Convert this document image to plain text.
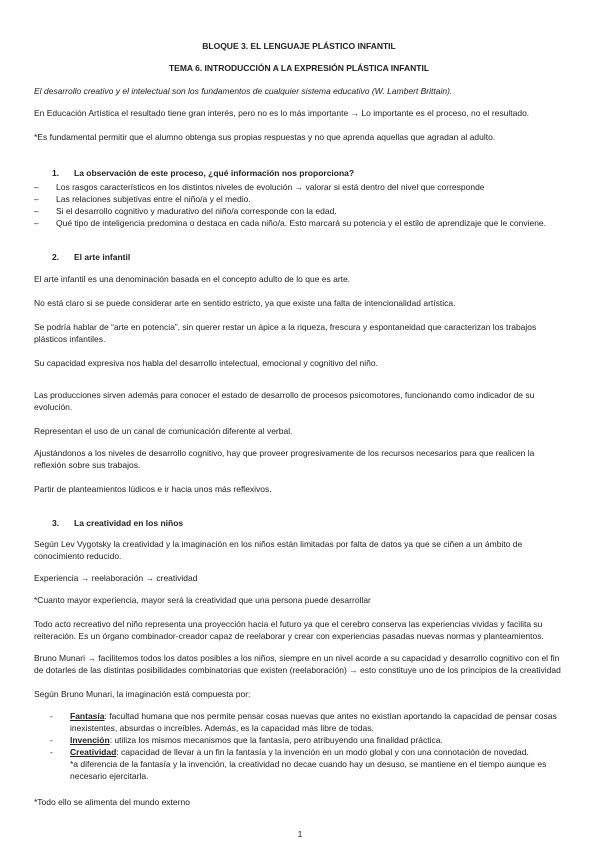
BLOQUE 3. EL LENGUAJE PLÁSTICO INFANTIL

TEMA 6. INTRODUCCIÓN A LA EXPRESIÓN PLÁSTICA INFANTIL

El desarrollo creativo y el intelectual son los fundamentos de cualquier sistema educativo (W. Lambert Brittain).

En Educación Artística el resultado tiene gran interés, pero no es lo más importante → Lo importante es el proceso, no el resultado.

*Es fundamental permitir que el alumno obtenga sus propias respuestas y no que aprenda aquellas que agradan al adulto.

1.	La observación de este proceso, ¿qué información nos proporciona?
–	Los rasgos característicos en los distintos niveles de evolución → valorar si está dentro del nivel que corresponde
–	Las relaciones subjetivas entre el niño/a y el medio.
–	Si el desarrollo cognitivo y madurativo del niño/a corresponde con la edad.
–	Qué tipo de inteligencia predomina o destaca en cada niño/a. Esto marcará su potencia y el estilo de aprendizaje que le conviene.
2.	El arte infantil

El arte infantil es una denominación basada en el concepto adulto de lo que es arte.

No está claro si se puede considerar arte en sentido estricto, ya que existe una falta de intencionalidad artística.

Se podría hablar de “arte en potencia”, sin querer restar un ápice a la riqueza, frescura y espontaneidad que caracterizan los trabajos plásticos infantiles.

Su capacidad expresiva nos habla del desarrollo intelectual, emocional y cognitivo del niño.

Las producciones sirven además para conocer el estado de desarrollo de procesos psicomotores, funcionando como indicador de su evolución.

Representan el uso de un canal de comunicación diferente al verbal.

Ajustándonos a los niveles de desarrollo cognitivo, hay que proveer progresivamente de los recursos necesarios para que realicen la reflexión sobre sus trabajos.

Partir de planteamientos lúdicos e ir hacia unos más reflexivos.

3.	La creatividad en los niños

Según Lev Vygotsky la creatividad y la imaginación en los niños están limitadas por falta de datos ya que se ciñen a un ámbito de conocimiento reducido.

Experiencia → reelaboración → creatividad

*Cuanto mayor experiencia, mayor será la creatividad que una persona puede desarrollar

Todo acto recreativo del niño representa una proyección hacia el futuro ya que el cerebro conserva las experiencias vividas y facilita su reiteración. Es un órgano combinador-creador capaz de reelaborar y crear con experiencias pasadas nuevas normas y planteamientos.

Bruno Munari → facilitemos todos los datos posibles a los niños, siempre en un nivel acorde a su capacidad y desarrollo cognitivo con el fin de dotarles de las distintas posibilidades combinatorias que existen (reelaboración) → esto constituye uno de los principios de la creatividad

Según Bruno Munari, la imaginación está compuesta por:

-	Fantasía: facultad humana que nos permite pensar cosas nuevas que antes no existían aportando la capacidad de pensar cosas inexistentes, absurdas o increíbles. Además, es la capacidad más libre de todas.
-	Invención: utiliza los mismos mecanismos que la fantasía, pero atribuyendo una finalidad práctica.
-	Creatividad: capacidad de llevar a un fin la fantasía y la invención en un modo global y con una connotación de novedad.
*a diferencia de la fantasía y la invención, la creatividad no decae cuando hay un desuso, se mantiene en el tiempo aunque es necesario ejercitarla.

*Todo ello se alimenta del mundo externo

1
